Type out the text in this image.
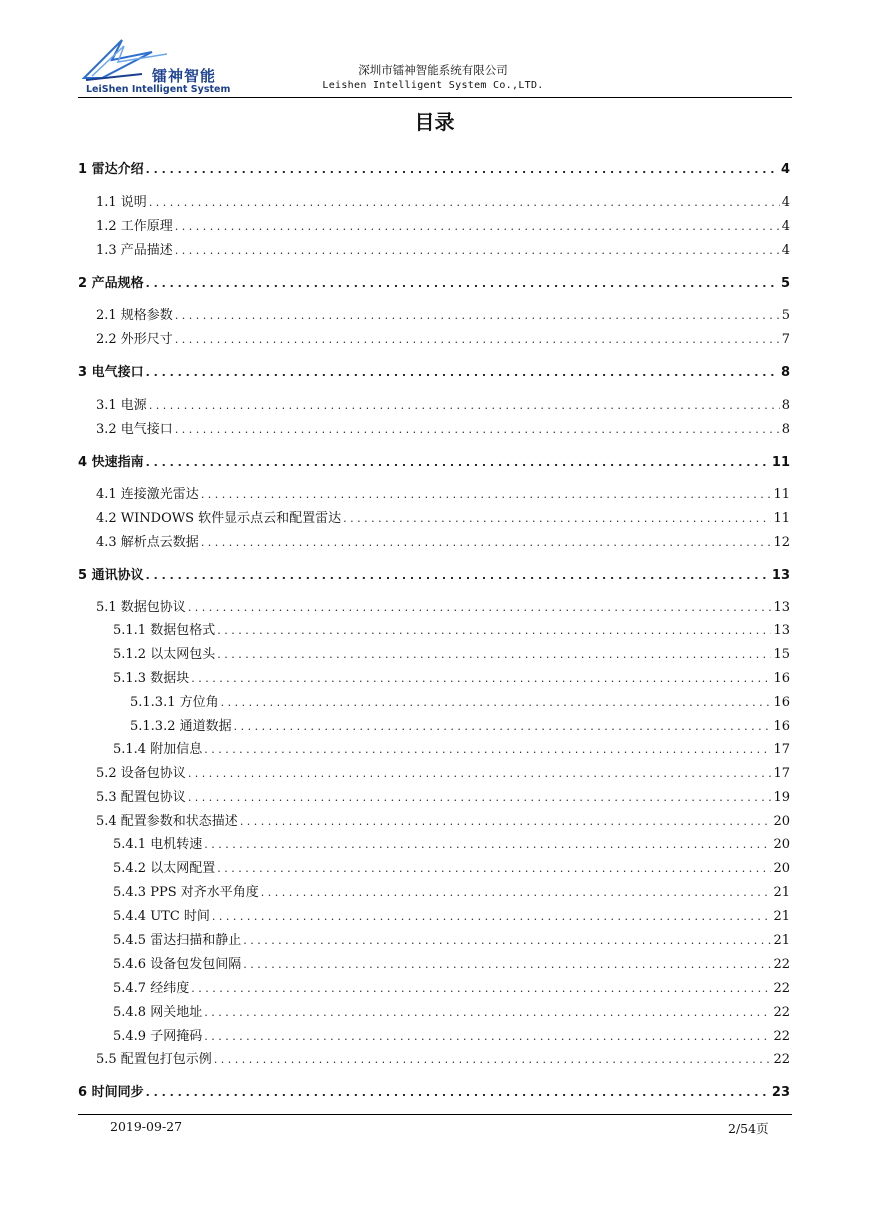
镭神智能
LeiShen Intelligent System
深圳市镭神智能系统有限公司
Leishen Intelligent System Co.,LTD.
目录
1 雷达介绍 . . .	4
1.1 说明 . . .	4
1.2 工作原理 . . .	4
1.3 产品描述 . . .	4
2 产品规格 . . .	5
2.1 规格参数 . . .	5
2.2 外形尺寸 . . .	7
3 电气接口 . . .	8
3.1 电源 . . .	8
3.2 电气接口 . . .	8
4 快速指南 . . .	11
4.1 连接激光雷达 . . .	11
4.2 WINDOWS 软件显示点云和配置雷达 . . .	11
4.3 解析点云数据 . . .	12
5 通讯协议 . . .	13
5.1 数据包协议 . . .	13
5.1.1 数据包格式 . . .	13
5.1.2 以太网包头 . . .	15
5.1.3 数据块 . . .	16
5.1.3.1 方位角 . . .	16
5.1.3.2 通道数据 . . .	16
5.1.4 附加信息 . . .	17
5.2 设备包协议 . . .	17
5.3 配置包协议 . . .	19
5.4 配置参数和状态描述 . . .	20
5.4.1 电机转速 . . .	20
5.4.2 以太网配置 . . .	20
5.4.3 PPS 对齐水平角度 . . .	21
5.4.4 UTC 时间 . . .	21
5.4.5 雷达扫描和静止 . . .	21
5.4.6 设备包发包间隔 . . .	22
5.4.7 经纬度 . . .	22
5.4.8 网关地址 . . .	22
5.4.9 子网掩码 . . .	22
5.5 配置包打包示例 . . .	22
6 时间同步 . . .	23
2019-09-27	2/54页
